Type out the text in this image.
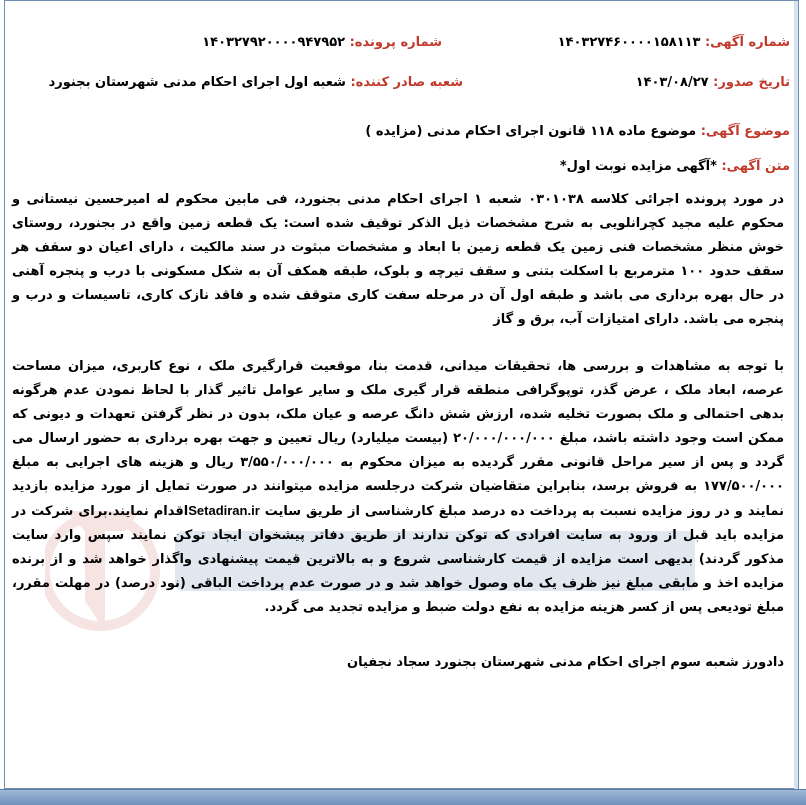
شماره آگهی: ۱۴۰۳۲۷۴۶۰۰۰۰۱۵۸۱۱۳
شماره پرونده: ۱۴۰۳۲۷۹۲۰۰۰۰۹۴۷۹۵۲
تاریخ صدور: ۱۴۰۳/۰۸/۲۷
شعبه صادر کننده: شعبه اول اجرای احکام مدنی شهرستان بجنورد
موضوع آگهی: موضوع ماده ۱۱۸ قانون اجرای احکام مدنی (مزایده )
متن آگهی: *آگهی مزایده نوبت اول*
در مورد پرونده اجرائی کلاسه ۰۳۰۱۰۳۸ شعبه ۱ اجرای احکام مدنی بجنورد، فی مابین محکوم له امیرحسین نیستانی و محکوم علیه مجید کچرانلویی به شرح مشخصات ذیل الذکر توقیف شده است: یک قطعه زمین واقع در بجنورد، روستای خوش منظر مشخصات فنی زمین یک قطعه زمین با ابعاد و مشخصات مبثوت در سند مالکیت ، دارای اعیان دو سقف هر سقف حدود ۱۰۰ مترمربع با اسکلت بتنی و سقف تیرچه و بلوک، طبقه همکف آن به شکل مسکونی با درب و پنجره آهنی در حال بهره برداری می باشد و طبقه اول آن در مرحله سفت کاری متوقف شده و فاقد نازک کاری، تاسیسات و درب و پنجره می باشد. دارای امتیازات آب، برق و گاز
با توجه به مشاهدات و بررسی ها، تحقیقات میدانی، قدمت بنا، موقعیت قرارگیری ملک ، نوع کاربری، میزان مساحت عرصه، ابعاد ملک ، عرض گذر، توپوگرافی منطقه قرار گیری ملک و سایر عوامل تاثیر گذار با لحاظ نمودن عدم هرگونه بدهی احتمالی و ملک بصورت تخلیه شده، ارزش شش دانگ عرصه و عیان ملک، بدون در نظر گرفتن تعهدات و دیونی که ممکن است وجود داشته باشد، مبلغ ۲۰/۰۰۰/۰۰۰/۰۰۰ (بیست میلیارد) ریال تعیین و جهت بهره برداری به حضور ارسال می گردد و پس از سیر مراحل قانونی مقرر گردیده به میزان محکوم به ۳/۵۵۰/۰۰۰/۰۰۰ ریال و هزینه های اجرایی به مبلغ ۱۷۷/۵۰۰/۰۰۰ به فروش برسد، بنابراین متقاضیان شرکت درجلسه مزایده میتوانند در صورت تمایل از مورد مزایده بازدید نمایند و در روز مزایده نسبت به پرداخت ده درصد مبلغ کارشناسی از طریق سایت Setadiran.irاقدام نمایند.برای شرکت در مزایده باید قبل از ورود به سایت افرادی که توکن ندارند از طریق دفاتر پیشخوان ایجاد توکن نمایند سپس وارد سایت مذکور گردند) بدیهی است مزایده از قیمت کارشناسی شروع و به بالاترین قیمت پیشنهادی واگذار خواهد شد و از برنده مزایده اخذ و مابقی مبلغ نیز ظرف یک ماه وصول خواهد شد و در صورت عدم پرداخت الباقی (نود درصد) در مهلت مقرر، مبلغ تودیعی پس از کسر هزینه مزایده به نفع دولت ضبط و مزایده تجدید می گردد.
دادورز شعبه سوم اجرای احکام مدنی شهرستان بجنورد سجاد نجفیان
